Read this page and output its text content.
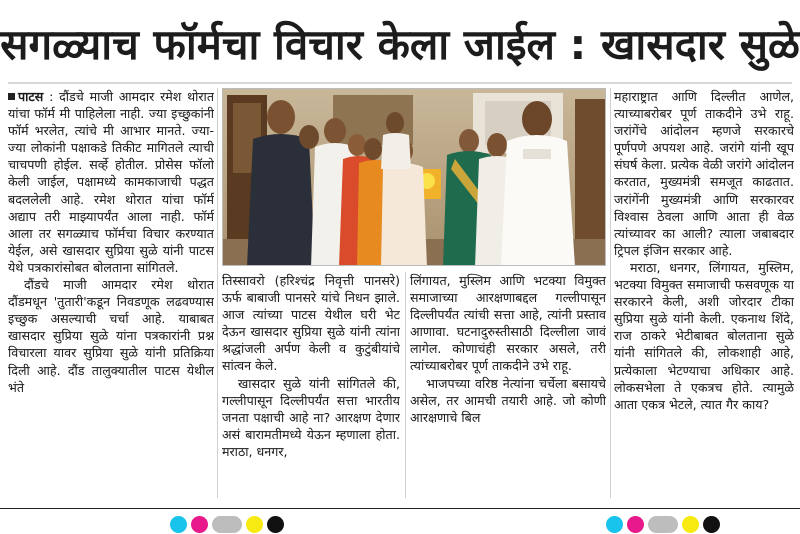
सगळ्याच फॉर्मचा विचार केला जाईल : खासदार सुळे

पाटस : दौंडचे माजी आमदार रमेश थोरात यांचा फॉर्म मी पाहिलेला नाही. ज्या इच्छुकांनी फॉर्म भरलेत, त्यांचे मी आभार मानते. ज्या-ज्या लोकांनी पक्षाकडे तिकीट मागितले त्याची चाचपणी होईल. सर्व्हे होतील. प्रोसेस फॉलो केली जाईल, पक्षामध्ये कामकाजाची पद्धत बदललेली आहे. रमेश थोरात यांचा फॉर्म अद्याप तरी माझ्यापर्यंत आला नाही. फॉर्म आला तर सगळ्याच फॉर्मचा विचार करण्यात येईल, असे खासदार सुप्रिया सुळे यांनी पाटस येथे पत्रकारांसोबत बोलताना सांगितले.

दौंडचे माजी आमदार रमेश थोरात दौंडमधून 'तुतारी'कडून निवडणूक लढवण्यास इच्छुक असल्याची चर्चा आहे. याबाबत खासदार सुप्रिया सुळे यांना पत्रकारांनी प्रश्न विचारला यावर सुप्रिया सुळे यांनी प्रतिक्रिया दिली आहे. दौंड तालुक्यातील पाटस येथील भंते

तिस्सावरो (हरिश्चंद्र निवृत्ती पानसरे) ऊर्फ बाबाजी पानसरे यांचे निधन झाले. आज त्यांच्या पाटस येथील घरी भेट देऊन खासदार सुप्रिया सुळे यांनी त्यांना श्रद्धांजली अर्पण केली व कुटुंबीयांचे सांत्वन केले.

खासदार सुळे यांनी सांगितले की, गल्लीपासून दिल्लीपर्यंत सत्ता भारतीय जनता पक्षाची आहे ना? आरक्षण देणार असं बारामतीमध्ये येऊन म्हणाला होता. मराठा, धनगर,

लिंगायत, मुस्लिम आणि भटक्या विमुक्त समाजाच्या आरक्षणाबद्दल गल्लीपासून दिल्लीपर्यंत त्यांची सत्ता आहे, त्यांनी प्रस्ताव आणावा. घटनादुरुस्तीसाठी दिल्लीला जावं लागेल. कोणाचंही सरकार असले, तरी त्यांच्याबरोबर पूर्ण ताकदीने उभे राहू.

भाजपच्या वरिष्ठ नेत्यांना चर्चेला बसायचे असेल, तर आमची तयारी आहे. जो कोणी आरक्षणाचे बिल

महाराष्ट्रात आणि दिल्लीत आणेल, त्याच्याबरोबर पूर्ण ताकदीने उभे राहू. जरांगेंचे आंदोलन म्हणजे सरकारचे पूर्णपणे अपयश आहे. जरांगे यांनी खूप संघर्ष केला. प्रत्येक वेळी जरांगे आंदोलन करतात, मुख्यमंत्री समजूत काढतात. जरांगेंनी मुख्यमंत्री आणि सरकारवर विश्वास ठेवला आणि आता ही वेळ त्यांच्यावर का आली? त्याला जबाबदार ट्रिपल इंजिन सरकार आहे.

मराठा, धनगर, लिंगायत, मुस्लिम, भटक्या विमुक्त समाजाची फसवणूक या सरकारने केली, अशी जोरदार टीका सुप्रिया सुळे यांनी केली. एकनाथ शिंदे, राज ठाकरे भेटीबाबत बोलताना सुळे यांनी सांगितले की, लोकशाही आहे, प्रत्येकाला भेटण्याचा अधिकार आहे. लोकसभेला ते एकत्रच होते. त्यामुळे आता एकत्र भेटले, त्यात गैर काय?
